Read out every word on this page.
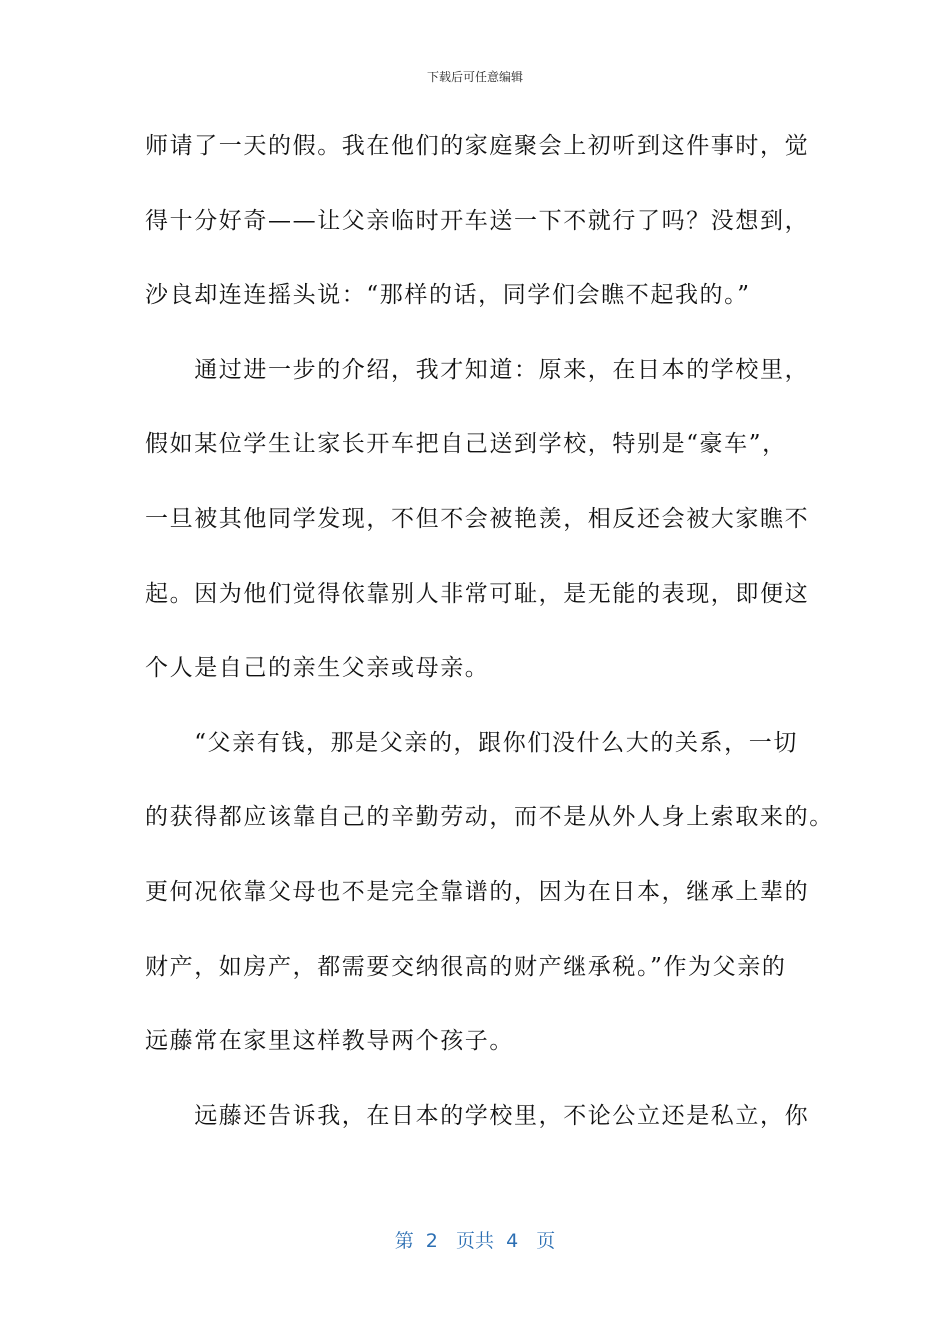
下载后可任意编辑
师请了一天的假。我在他们的家庭聚会上初听到这件事时，觉
得十分好奇——让父亲临时开车送一下不就行了吗？没想到，
沙良却连连摇头说：“那样的话，同学们会瞧不起我的。”
　　通过进一步的介绍，我才知道：原来，在日本的学校里，
假如某位学生让家长开车把自己送到学校，特别是“豪车”，
一旦被其他同学发现，不但不会被艳羡，相反还会被大家瞧不
起。因为他们觉得依靠别人非常可耻，是无能的表现，即便这
个人是自己的亲生父亲或母亲。
　　“父亲有钱，那是父亲的，跟你们没什么大的关系，一切
的获得都应该靠自己的辛勤劳动，而不是从外人身上索取来的。
更何况依靠父母也不是完全靠谱的，因为在日本，继承上辈的
财产，如房产，都需要交纳很高的财产继承税。”作为父亲的
远藤常在家里这样教导两个孩子。
　　远藤还告诉我，在日本的学校里，不论公立还是私立，你
第  2   页共  4   页
